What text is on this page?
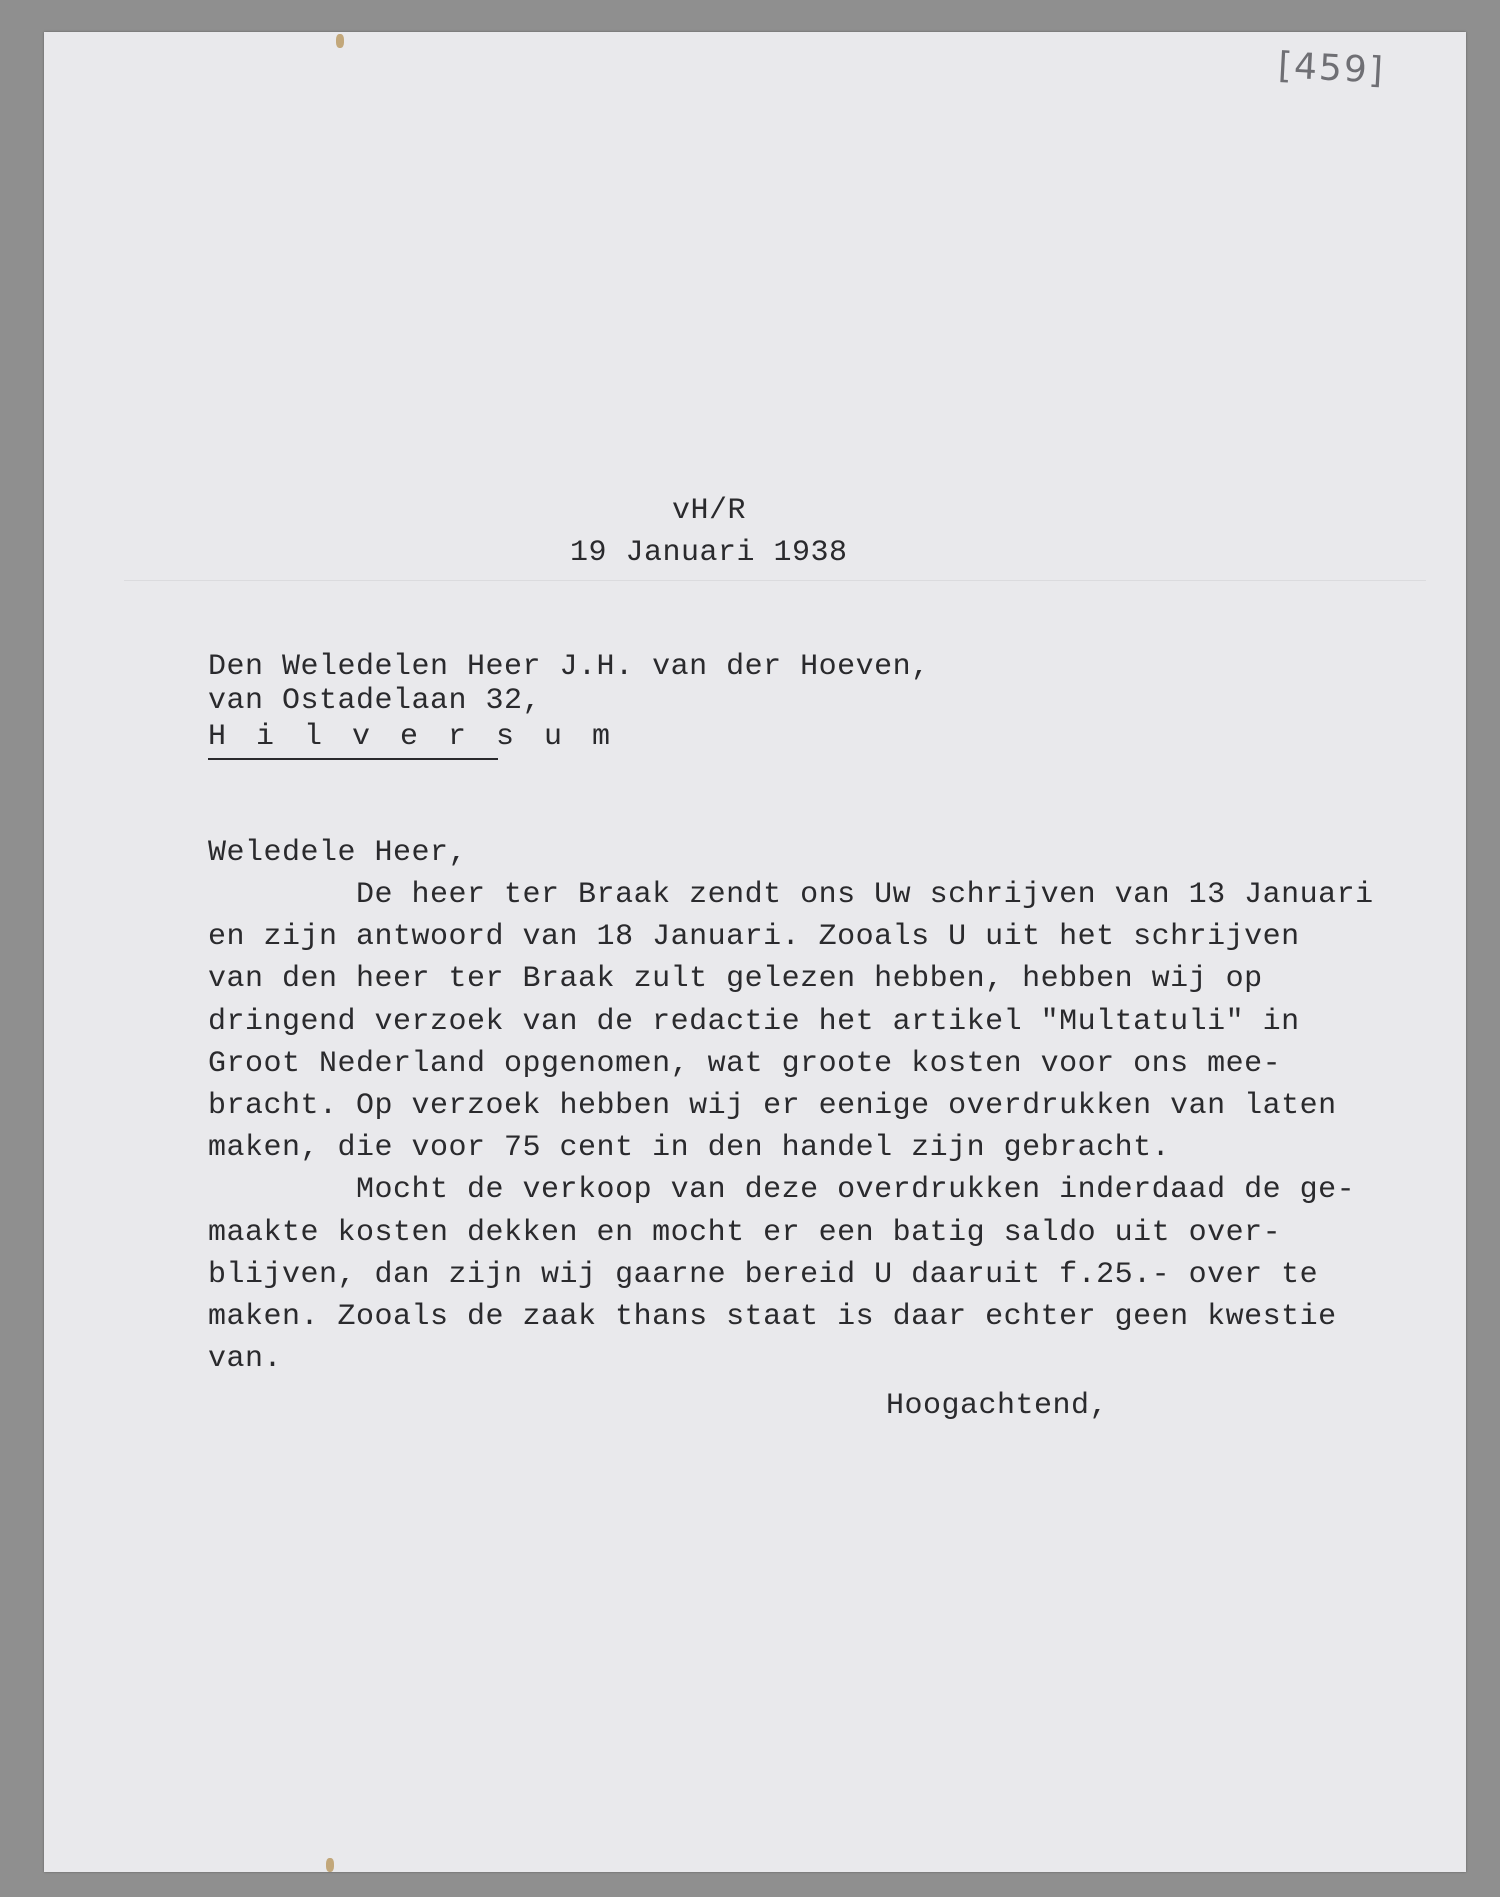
[459]
vH/R
19 Januari 1938
Den Weledelen Heer J.H. van der Hoeven,
van Ostadelaan 32,
H i l v e r s u m
Weledele Heer,
De heer ter Braak zendt ons Uw schrijven van 13 Januari
en zijn antwoord van 18 Januari. Zooals U uit het schrijven
van den heer ter Braak zult gelezen hebben, hebben wij op
dringend verzoek van de redactie het artikel "Multatuli" in
Groot Nederland opgenomen, wat groote kosten voor ons mee-
bracht. Op verzoek hebben wij er eenige overdrukken van laten
maken, die voor 75 cent in den handel zijn gebracht.
Mocht de verkoop van deze overdrukken inderdaad de ge-
maakte kosten dekken en mocht er een batig saldo uit over-
blijven, dan zijn wij gaarne bereid U daaruit f.25.- over te
maken. Zooals de zaak thans staat is daar echter geen kwestie
van.
Hoogachtend,
